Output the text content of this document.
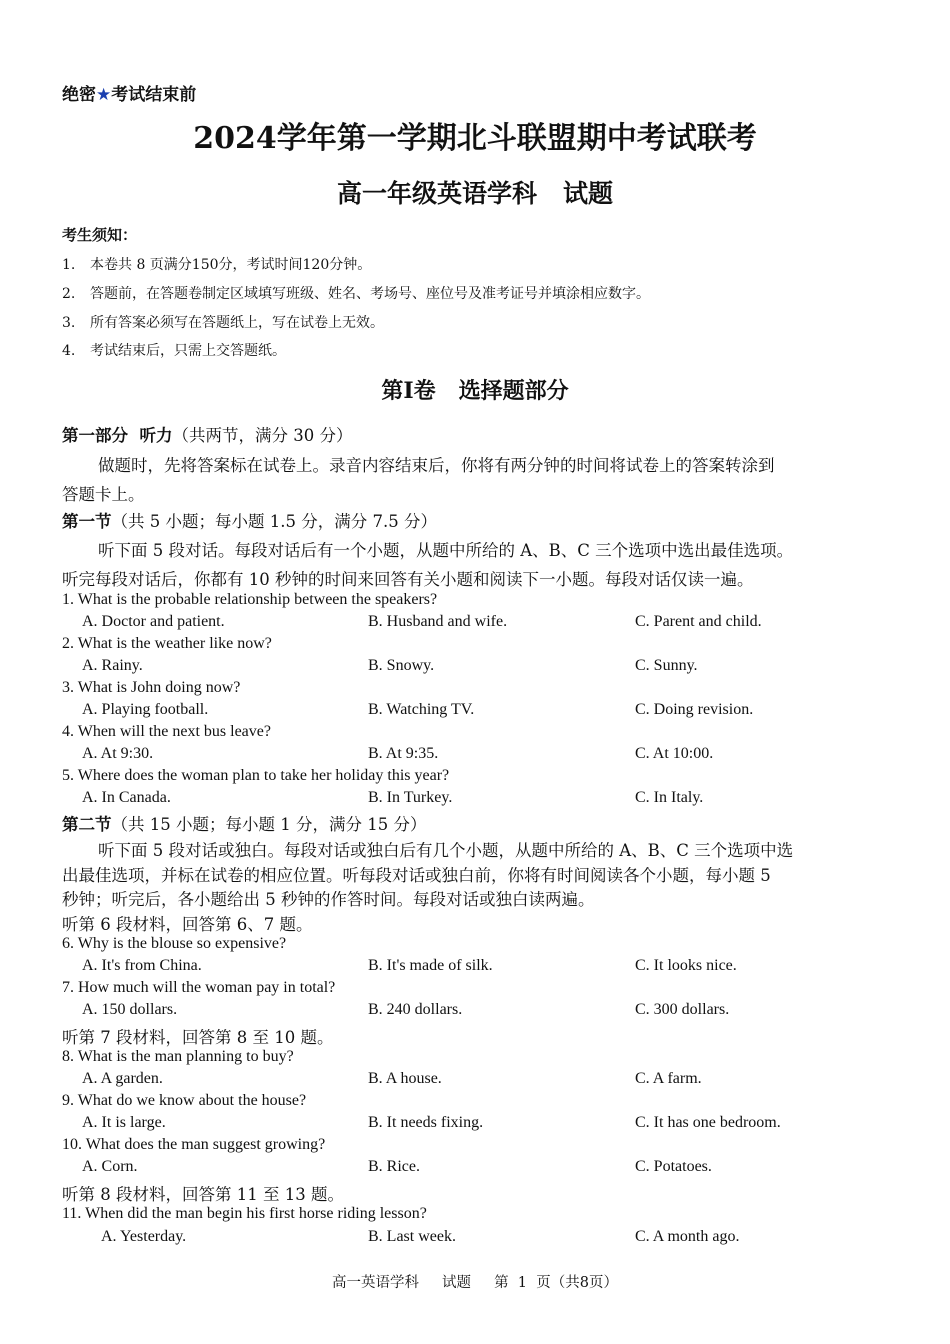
绝密★考试结束前
2024学年第一学期北斗联盟期中考试联考
高一年级英语学科   试题
考生须知：
1. 本卷共 8 页满分150分，考试时间120分钟。
2. 答题前，在答题卷制定区域填写班级、姓名、考场号、座位号及准考证号并填涂相应数字。
3. 所有答案必须写在答题纸上，写在试卷上无效。
4. 考试结束后，只需上交答题纸。
第Ⅰ卷   选择题部分
第一部分  听力（共两节，满分 30 分）
做题时，先将答案标在试卷上。录音内容结束后，你将有两分钟的时间将试卷上的答案转涂到
答题卡上。
第一节（共 5 小题；每小题 1.5 分，满分 7.5 分）
听下面 5 段对话。每段对话后有一个小题，从题中所给的 A、B、C 三个选项中选出最佳选项。
听完每段对话后，你都有 10 秒钟的时间来回答有关小题和阅读下一小题。每段对话仅读一遍。
1. What is the probable relationship between the speakers?
A. Doctor and patient.	B. Husband and wife.	C. Parent and child.
2. What is the weather like now?
A. Rainy.	B. Snowy.	C. Sunny.
3. What is John doing now?
A. Playing football.	B. Watching TV.	C. Doing revision.
4. When will the next bus leave?
A. At 9:30.	B. At 9:35.	C. At 10:00.
5. Where does the woman plan to take her holiday this year?
A. In Canada.	B. In Turkey.	C. In Italy.
第二节（共 15 小题；每小题 1 分，满分 15 分）
听下面 5 段对话或独白。每段对话或独白后有几个小题，从题中所给的 A、B、C 三个选项中选
出最佳选项，并标在试卷的相应位置。听每段对话或独白前，你将有时间阅读各个小题，每小题 5
秒钟；听完后，各小题给出 5 秒钟的作答时间。每段对话或独白读两遍。
听第 6 段材料，回答第 6、7 题。
6. Why is the blouse so expensive?
A. It's from China.	B. It's made of silk.	C. It looks nice.
7. How much will the woman pay in total?
A. 150 dollars.	B. 240 dollars.	C. 300 dollars.
听第 7 段材料，回答第 8 至 10 题。
8. What is the man planning to buy?
A. A garden.	B. A house.	C. A farm.
9. What do we know about the house?
A. It is large.	B. It needs fixing.	C. It has one bedroom.
10. What does the man suggest growing?
A. Corn.	B. Rice.	C. Potatoes.
听第 8 段材料，回答第 11 至 13 题。
11. When did the man begin his first horse riding lesson?
A. Yesterday.	B. Last week.	C. A month ago.
高一英语学科     试题     第  1  页（共8页）
